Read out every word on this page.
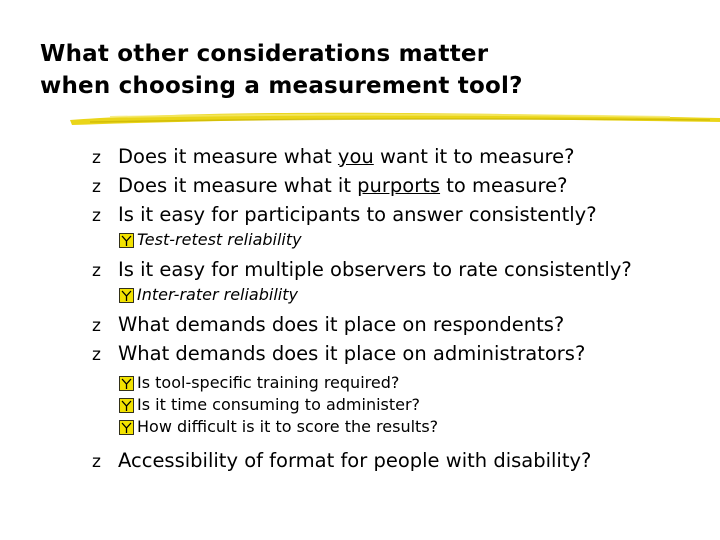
What other considerations matter
when choosing a measurement tool?
z Does it measure what you want it to measure?
z Does it measure what it purports to measure?
z Is it easy for participants to answer consistently?
Test-retest reliability
z Is it easy for multiple observers to rate consistently?
Inter-rater reliability
z What demands does it place on respondents?
z What demands does it place on administrators?
Is tool-specific training required?
Is it time consuming to administer?
How difficult is it to score the results?
z Accessibility of format for people with disability?
